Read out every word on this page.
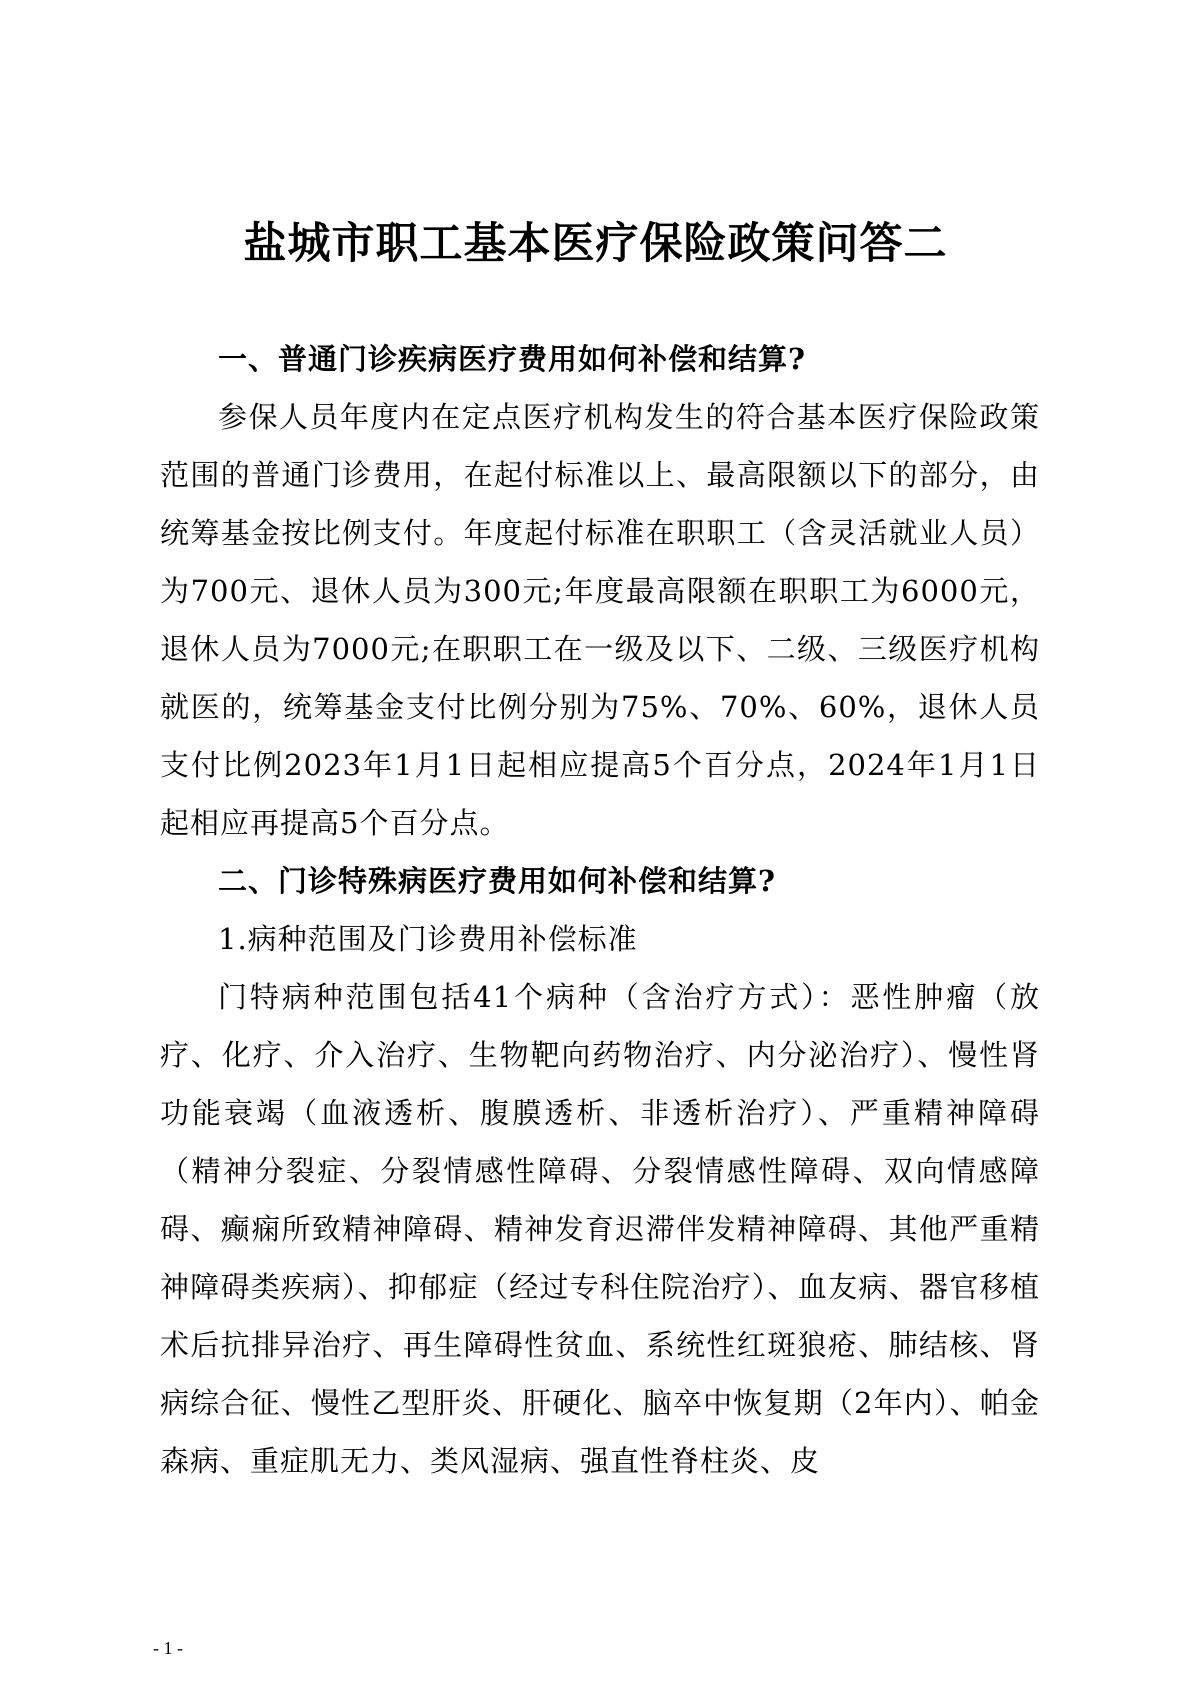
盐城市职工基本医疗保险政策问答二

一、普通门诊疾病医疗费用如何补偿和结算?

参保人员年度内在定点医疗机构发生的符合基本医疗保险政策范围的普通门诊费用，在起付标准以上、最高限额以下的部分，由统筹基金按比例支付。年度起付标准在职职工（含灵活就业人员）为700元、退休人员为300元;年度最高限额在职职工为6000元，退休人员为7000元;在职职工在一级及以下、二级、三级医疗机构就医的，统筹基金支付比例分别为75%、70%、60%，退休人员支付比例2023年1月1日起相应提高5个百分点，2024年1月1日起相应再提高5个百分点。

二、门诊特殊病医疗费用如何补偿和结算?

1.病种范围及门诊费用补偿标准

门特病种范围包括41个病种（含治疗方式）：恶性肿瘤（放疗、化疗、介入治疗、生物靶向药物治疗、内分泌治疗）、慢性肾功能衰竭（血液透析、腹膜透析、非透析治疗）、严重精神障碍（精神分裂症、分裂情感性障碍、分裂情感性障碍、双向情感障碍、癫痫所致精神障碍、精神发育迟滞伴发精神障碍、其他严重精神障碍类疾病）、抑郁症（经过专科住院治疗）、血友病、器官移植术后抗排异治疗、再生障碍性贫血、系统性红斑狼疮、肺结核、肾病综合征、慢性乙型肝炎、肝硬化、脑卒中恢复期（2年内）、帕金森病、重症肌无力、类风湿病、强直性脊柱炎、皮

- 1 -
